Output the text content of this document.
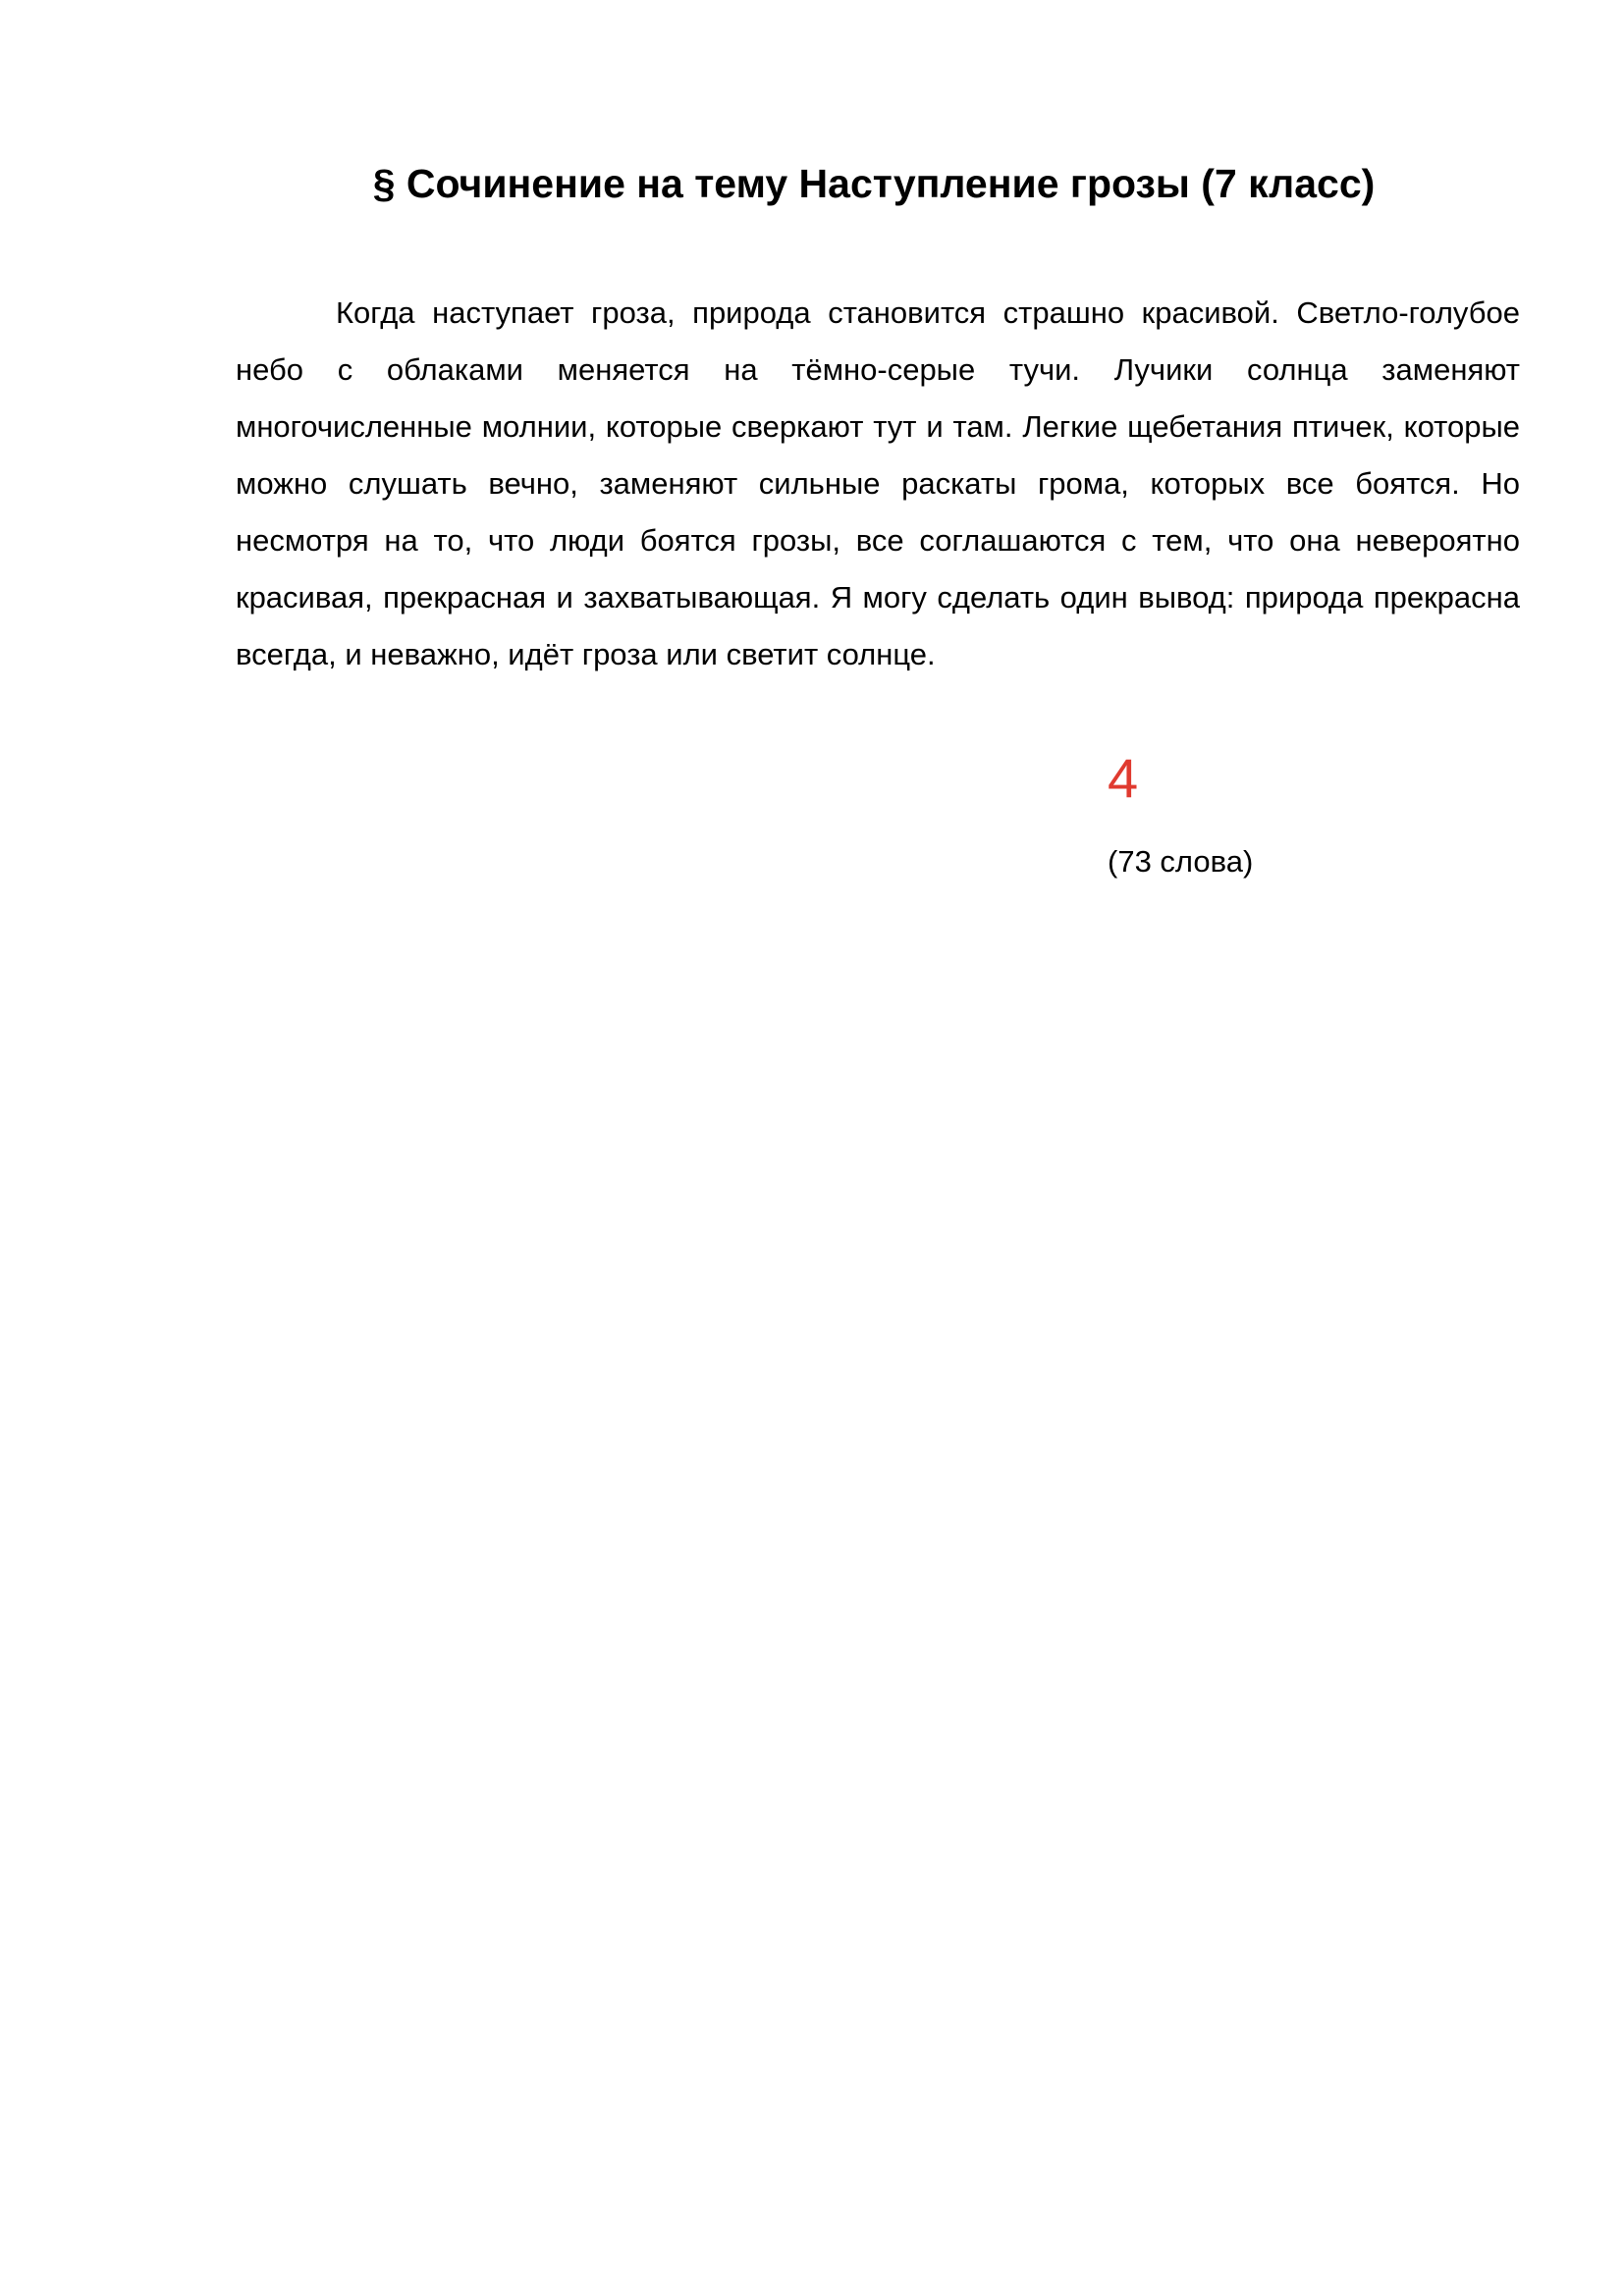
§ Сочинение на тему Наступление грозы (7 класс)

Когда наступает гроза, природа становится страшно красивой. Светло-голубое небо с облаками меняется на тёмно-серые тучи. Лучики солнца заменяют многочисленные молнии, которые сверкают тут и там. Легкие щебетания птичек, которые можно слушать вечно, заменяют сильные раскаты грома, которых все боятся. Но несмотря на то, что люди боятся грозы, все соглашаются с тем, что она невероятно красивая, прекрасная и захватывающая. Я могу сделать один вывод: природа прекрасна всегда, и неважно, идёт гроза или светит солнце.

4
(73 слова)
